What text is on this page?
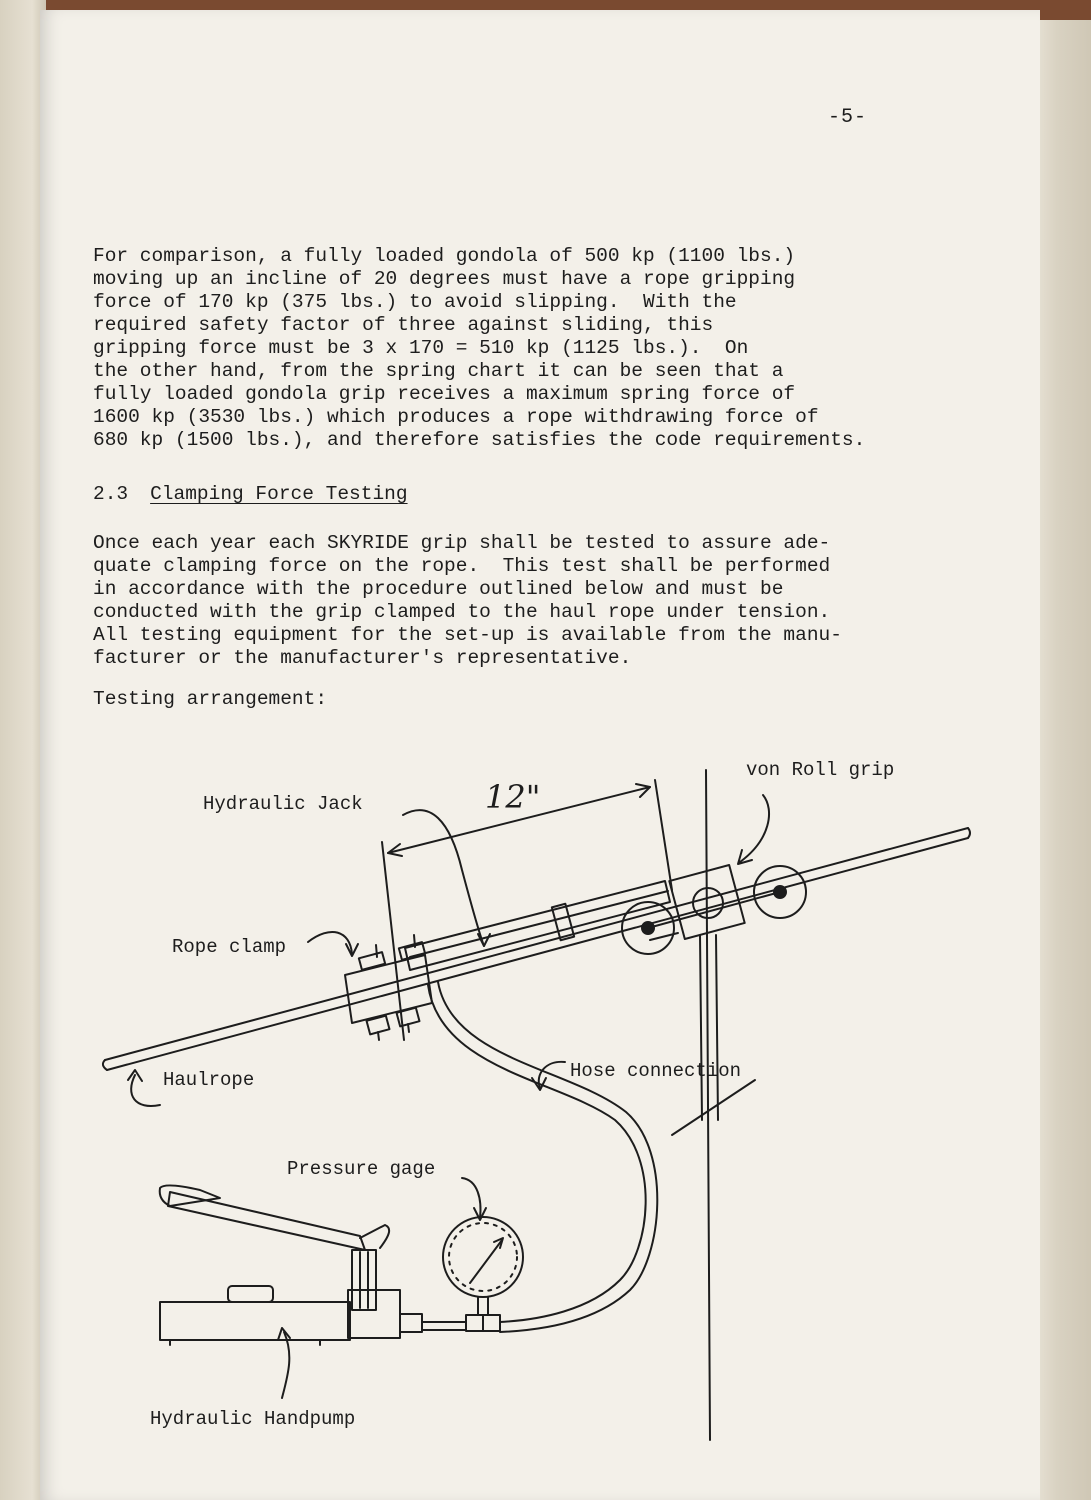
-5-
For comparison, a fully loaded gondola of 500 kp (1100 lbs.)
moving up an incline of 20 degrees must have a rope gripping
force of 170 kp (375 lbs.) to avoid slipping.  With the
required safety factor of three against sliding, this
gripping force must be 3 x 170 = 510 kp (1125 lbs.).  On
the other hand, from the spring chart it can be seen that a
fully loaded gondola grip receives a maximum spring force of
1600 kp (3530 lbs.) which produces a rope withdrawing force of
680 kp (1500 lbs.), and therefore satisfies the code requirements.
2.3 Clamping Force Testing
Once each year each SKYRIDE grip shall be tested to assure ade-
quate clamping force on the rope.  This test shall be performed
in accordance with the procedure outlined below and must be
conducted with the grip clamped to the haul rope under tension.
All testing equipment for the set-up is available from the manu-
facturer or the manufacturer's representative.
Testing arrangement:
Hydraulic Jack	12"
von Roll grip
Rope clamp
Haulrope	Hose connection
Pressure gage
Hydraulic Handpump
